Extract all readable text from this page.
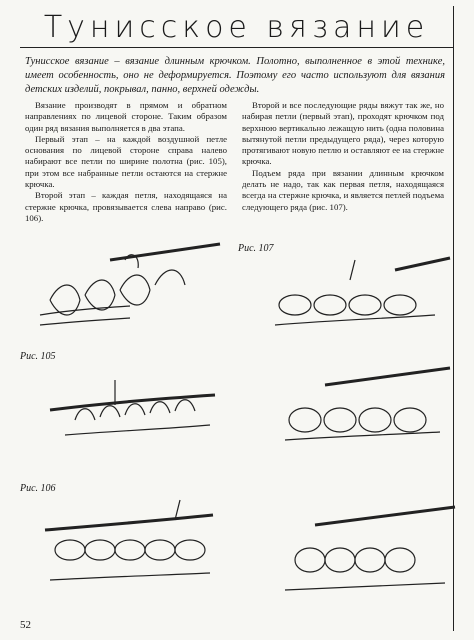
Тунисское вязание
Тунисское вязание – вязание длинным крючком. Полотно, выполненное в этой технике, имеет особенность, оно не деформируется. Поэтому его часто используют для вязания детских изделий, покрывал, панно, верхней одежды.

Вязание производят в прямом и обратном направлениях по лицевой стороне. Таким образом один ряд вязания выполняется в два этапа.

Первый этап – на каждой воздушной петле основания по лицевой стороне справа налево набирают все петли по ширине полотна (рис. 105), при этом все набранные петли остаются на стержне крючка.

Второй этап – каждая петля, находящаяся на стержне крючка, провязывается слева направо (рис. 106).

Второй и все последующие ряды вяжут так же, но набирая петли (первый этап), проходят крючком под верхнюю вертикально лежащую нить (одна половина вытянутой петли предыдущего ряда), через которую протягивают новую петлю и оставляют ее на стержне крючка.

Подъем ряда при вязании длинным крючком делать не надо, так как первая петля, находящаяся всегда на стержне крючка, и является петлей подъема следующего ряда (рис. 107).

Рис. 107
Рис. 105
Рис. 106
52
